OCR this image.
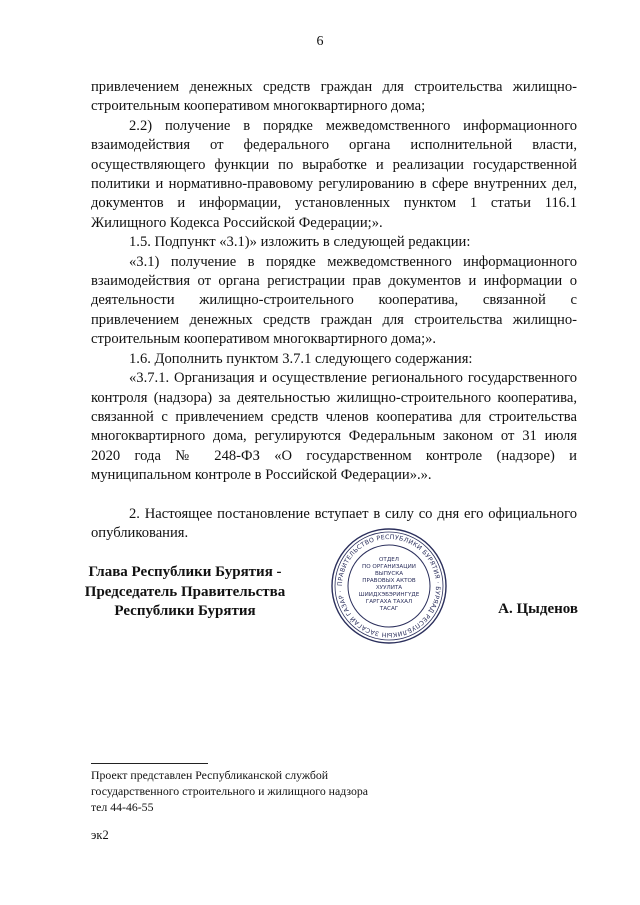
6

привлечением денежных средств граждан для строительства жилищно-строительным кооперативом многоквартирного дома;

2.2) получение в порядке межведомственного информационного взаимодействия от федерального органа исполнительной власти, осуществляющего функции по выработке и реализации государственной политики и нормативно-правовому регулированию в сфере внутренних дел, документов и информации, установленных пунктом 1 статьи 116.1 Жилищного Кодекса Российской Федерации;».

1.5. Подпункт «3.1)» изложить в следующей редакции:

«3.1) получение в порядке межведомственного информационного взаимодействия от органа регистрации прав документов и информации о деятельности жилищно-строительного кооператива, связанной с привлечением денежных средств граждан для строительства жилищно-строительным кооперативом многоквартирного дома;».

1.6. Дополнить пунктом 3.7.1 следующего содержания:

«3.7.1. Организация и осуществление регионального государственного контроля (надзора) за деятельностью жилищно-строительного кооператива, связанной с привлечением средств членов кооператива для строительства многоквартирного дома, регулируются Федеральным законом от 31 июля 2020 года № 248-ФЗ «О государственном контроле (надзоре) и муниципальном контроле в Российской Федерации».».

2. Настоящее постановление вступает в силу со дня его официального опубликования.

Глава Республики Бурятия -
Председатель Правительства
Республики Бурятия
ПРАВИТЕЛЬСТВО РЕСПУБЛИКИ БУРЯТИЯ · БУРЯАД РЕСПУБЛИКЫН ЗАСАГАЙ ГАЗАР ·
ОТДЕЛ
ПО ОРГАНИЗАЦИИ
ВЫПУСКА
ПРАВОВЫХ АКТОВ
ХУУЛИТА
ШИИДХЭБЭРИНГҮДЕ
ГАРГАХА ТАХАЛ
ТАСАГ	А. Цыденов
Проект представлен Республиканской службой
государственного строительного и жилищного надзора
тел 44-46-55
эк2
